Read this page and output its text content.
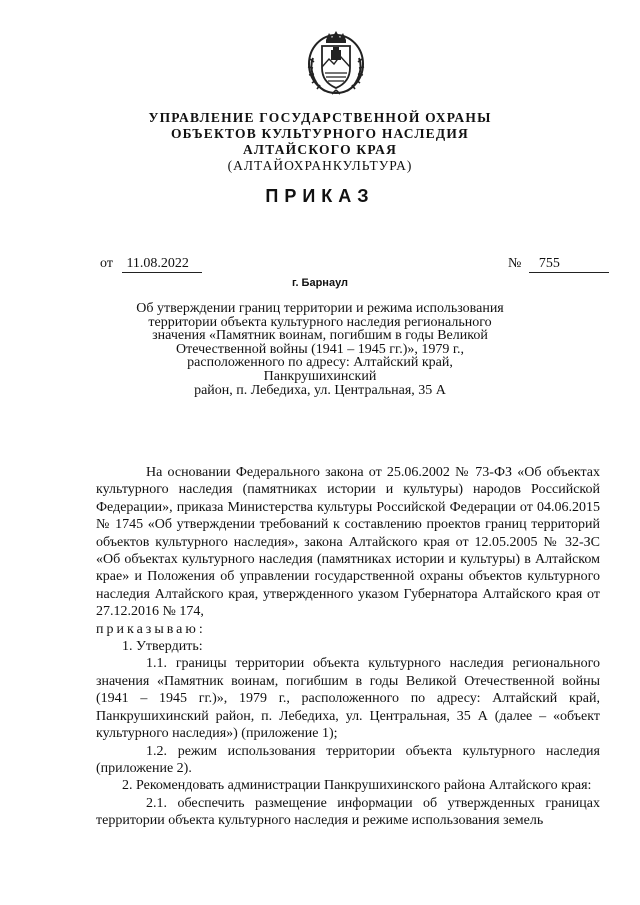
УПРАВЛЕНИЕ ГОСУДАРСТВЕННОЙ ОХРАНЫ
ОБЪЕКТОВ КУЛЬТУРНОГО НАСЛЕДИЯ
АЛТАЙСКОГО КРАЯ
(АЛТАЙОХРАНКУЛЬТУРА)
ПРИКАЗ
от 11.08.2022	№ 755
г. Барнаул
Об утверждении границ территории и режима использования
территории объекта культурного наследия регионального
значения «Памятник воинам, погибшим в годы Великой
Отечественной войны (1941 – 1945 гг.)», 1979 г.,
расположенного по адресу: Алтайский край, Панкрушихинский
район, п. Лебедиха, ул. Центральная, 35 А

На основании Федерального закона от 25.06.2002 № 73-ФЗ «Об объектах культурного наследия (памятниках истории и культуры) народов Российской Федерации», приказа Министерства культуры Российской Федерации от 04.06.2015 № 1745 «Об утверждении требований к составлению проектов границ территорий объектов культурного наследия», закона Алтайского края от 12.05.2005 № 32-ЗС «Об объектах культурного наследия (памятниках истории и культуры) в Алтайском крае» и Положения об управлении государственной охраны объектов культурного наследия Алтайского края, утвержденного указом Губернатора Алтайского края от 27.12.2016 № 174,

приказываю:

1. Утвердить:

1.1. границы территории объекта культурного наследия регионального значения «Памятник воинам, погибшим в годы Великой Отечественной войны (1941 – 1945 гг.)», 1979 г., расположенного по адресу: Алтайский край, Панкрушихинский район, п. Лебедиха, ул. Центральная, 35 А (далее – «объект культурного наследия») (приложение 1);

1.2. режим использования территории объекта культурного наследия (приложение 2).

2. Рекомендовать администрации Панкрушихинского района Алтайского края:

2.1. обеспечить размещение информации об утвержденных границах территории объекта культурного наследия и режиме использования земель
